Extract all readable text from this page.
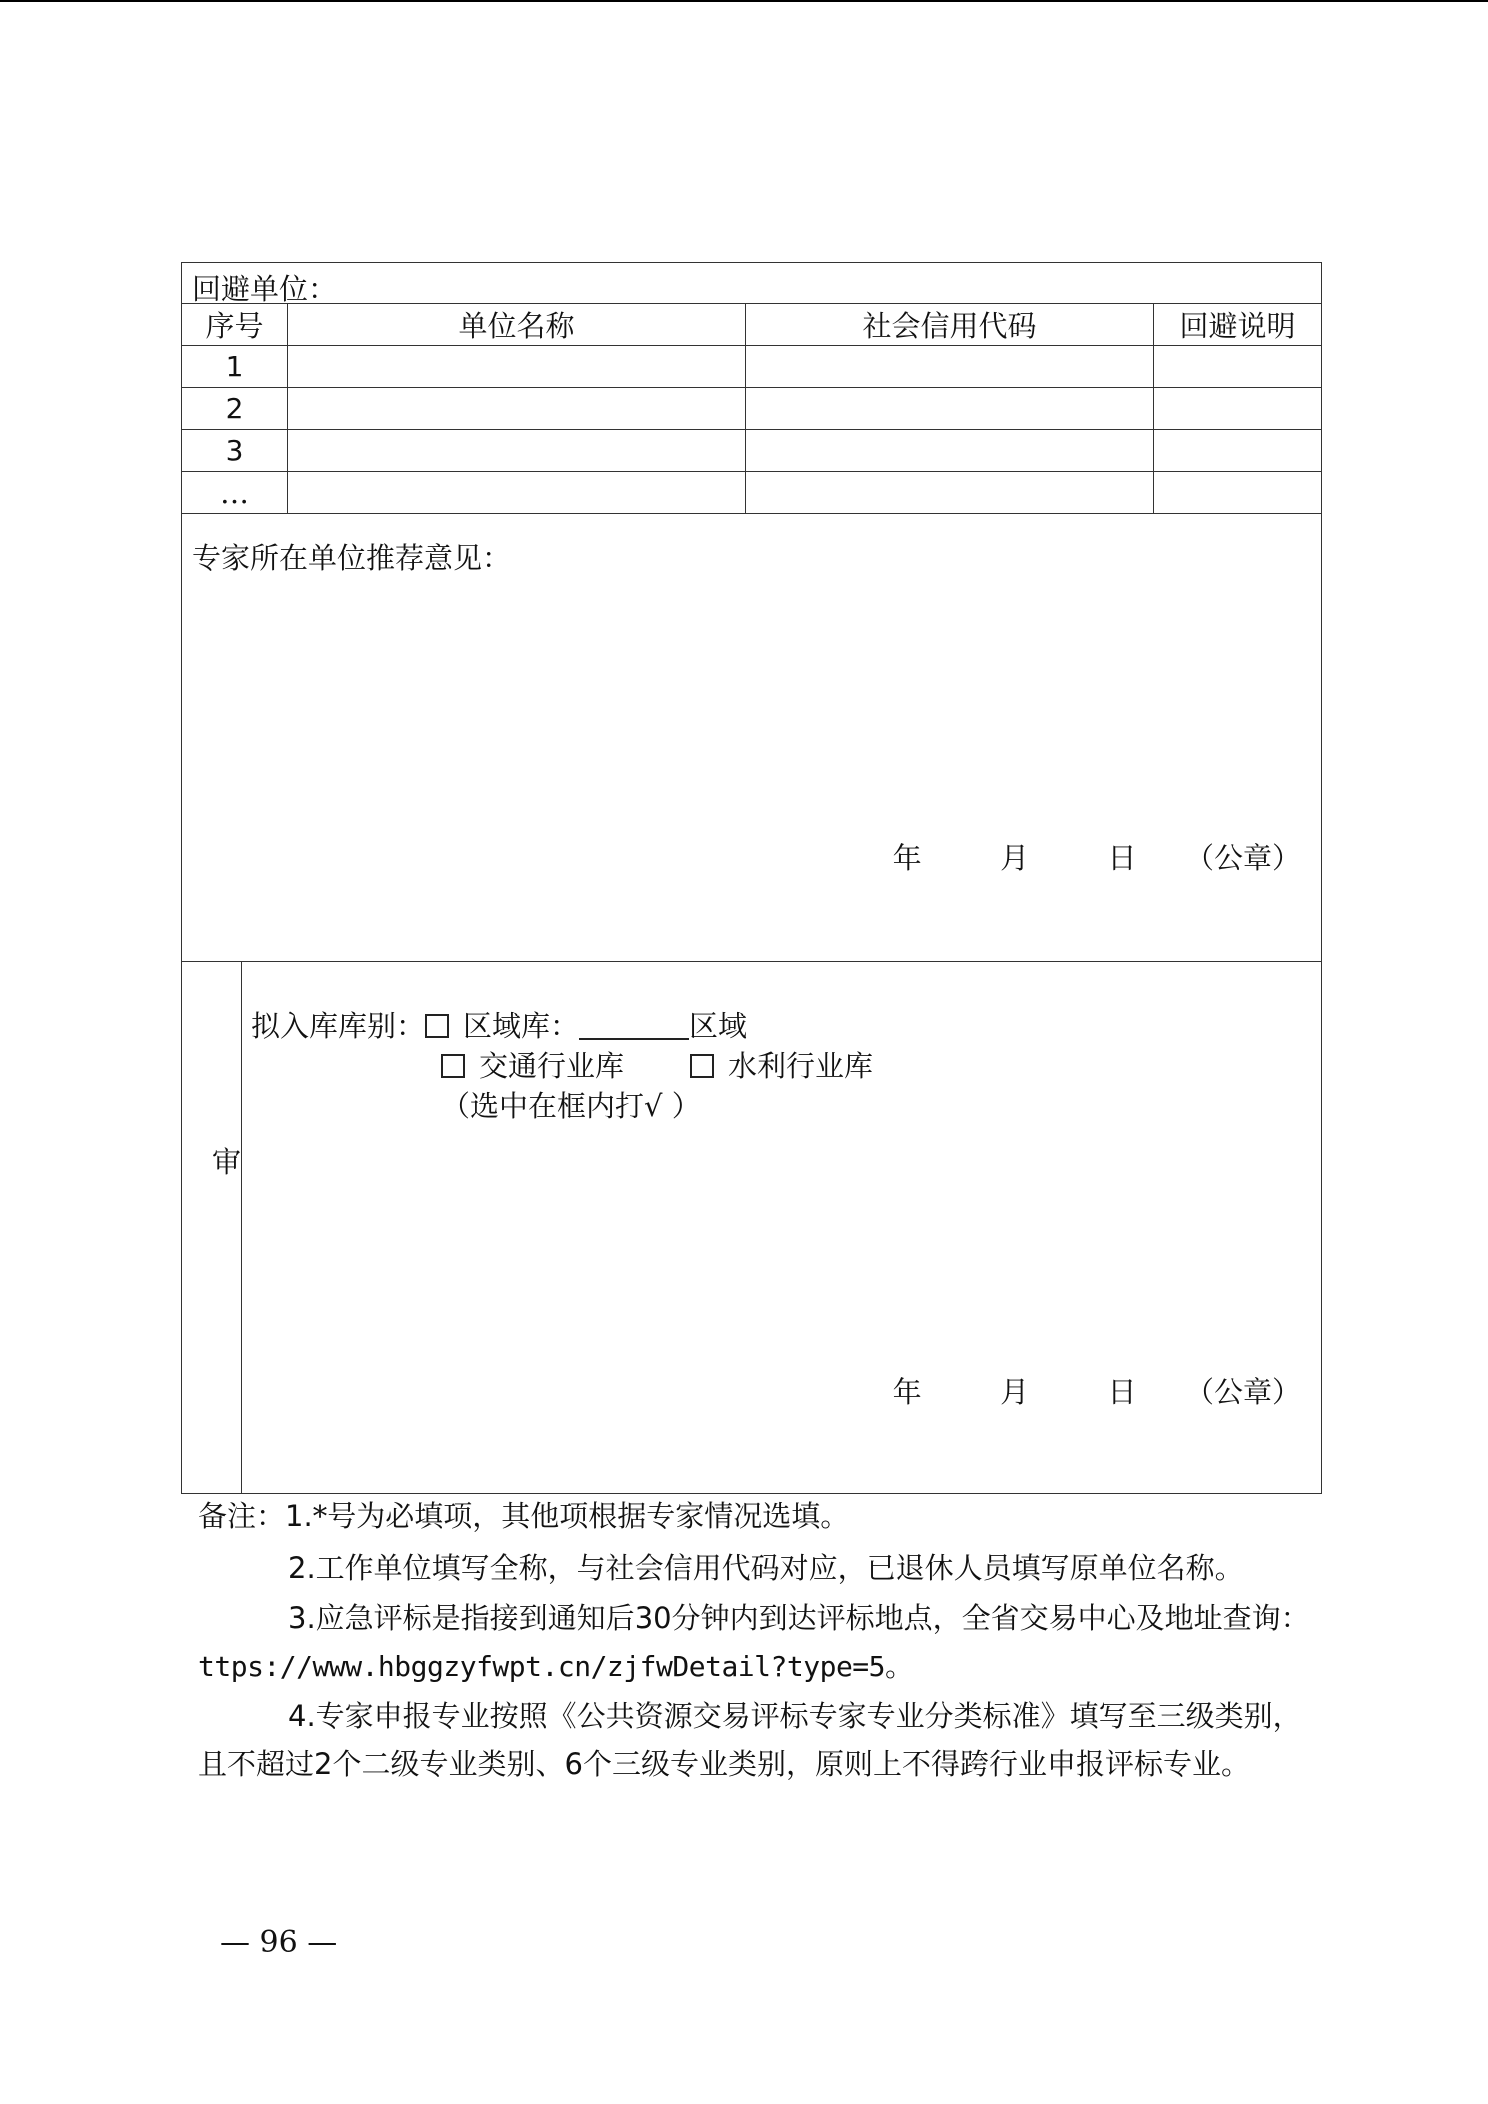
回避单位：
序号	单位名称	社会信用代码	回避说明
1
2
3
…
专家所在单位推荐意见：
年	月	日 （公章）
审
拟入库库别： 区域库：	区域
交通行业库	水利行业库
（选中在框内打√ ）
年	月	日 （公章）
备注：1.*号为必填项，其他项根据专家情况选填。
2.工作单位填写全称，与社会信用代码对应，已退休人员填写原单位名称。
3.应急评标是指接到通知后30分钟内到达评标地点，全省交易中心及地址查询：
ttps://www.hbggzyfwpt.cn/zjfwDetail?type=5。
4.专家申报专业按照《公共资源交易评标专家专业分类标准》填写至三级类别，
且不超过2个二级专业类别、6个三级专业类别，原则上不得跨行业申报评标专业。
— 96 —
